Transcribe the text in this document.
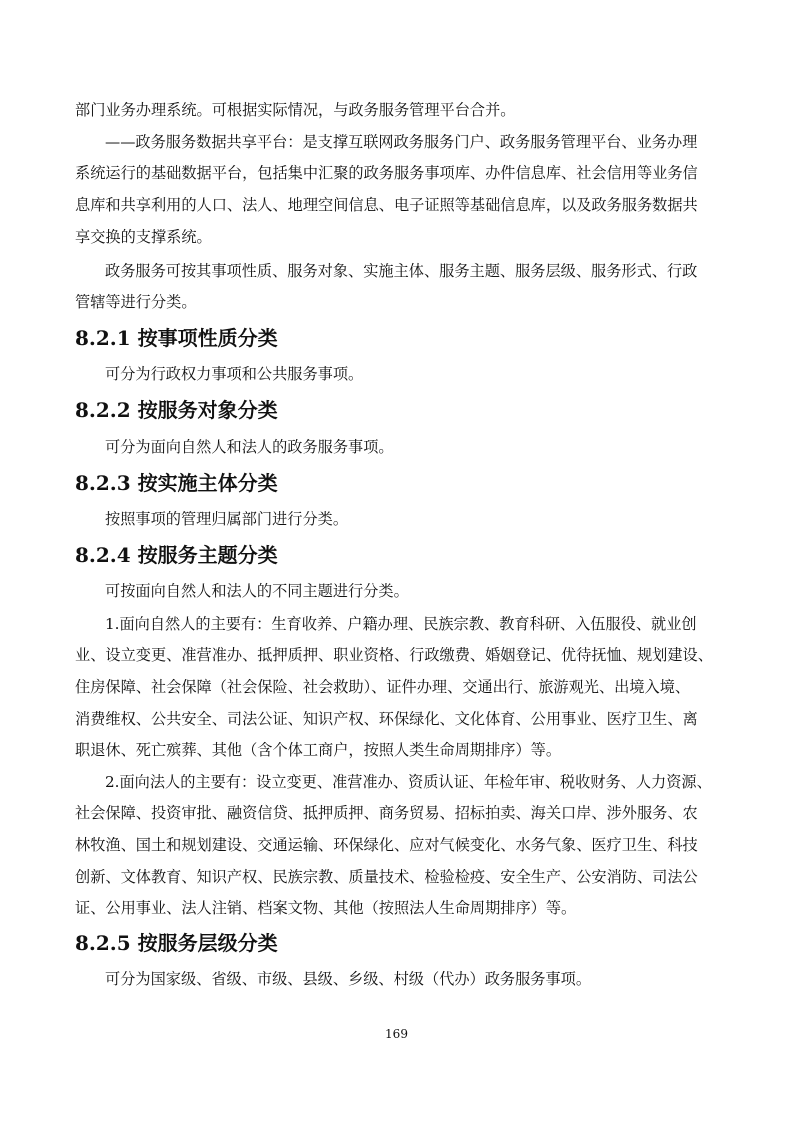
部门业务办理系统。可根据实际情况，与政务服务管理平台合并。
——政务服务数据共享平台：是支撑互联网政务服务门户、政务服务管理平台、业务办理
系统运行的基础数据平台，包括集中汇聚的政务服务事项库、办件信息库、社会信用等业务信
息库和共享利用的人口、法人、地理空间信息、电子证照等基础信息库，以及政务服务数据共
享交换的支撑系统。
政务服务可按其事项性质、服务对象、实施主体、服务主题、服务层级、服务形式、行政
管辖等进行分类。
8.2.1 按事项性质分类
可分为行政权力事项和公共服务事项。
8.2.2 按服务对象分类
可分为面向自然人和法人的政务服务事项。
8.2.3 按实施主体分类
按照事项的管理归属部门进行分类。
8.2.4 按服务主题分类
可按面向自然人和法人的不同主题进行分类。
1.面向自然人的主要有：生育收养、户籍办理、民族宗教、教育科研、入伍服役、就业创
业、设立变更、准营准办、抵押质押、职业资格、行政缴费、婚姻登记、优待抚恤、规划建设、
住房保障、社会保障（社会保险、社会救助）、证件办理、交通出行、旅游观光、出境入境、
消费维权、公共安全、司法公证、知识产权、环保绿化、文化体育、公用事业、医疗卫生、离
职退休、死亡殡葬、其他（含个体工商户，按照人类生命周期排序）等。
2.面向法人的主要有：设立变更、准营准办、资质认证、年检年审、税收财务、人力资源、
社会保障、投资审批、融资信贷、抵押质押、商务贸易、招标拍卖、海关口岸、涉外服务、农
林牧渔、国土和规划建设、交通运输、环保绿化、应对气候变化、水务气象、医疗卫生、科技
创新、文体教育、知识产权、民族宗教、质量技术、检验检疫、安全生产、公安消防、司法公
证、公用事业、法人注销、档案文物、其他（按照法人生命周期排序）等。
8.2.5 按服务层级分类
可分为国家级、省级、市级、县级、乡级、村级（代办）政务服务事项。
169
